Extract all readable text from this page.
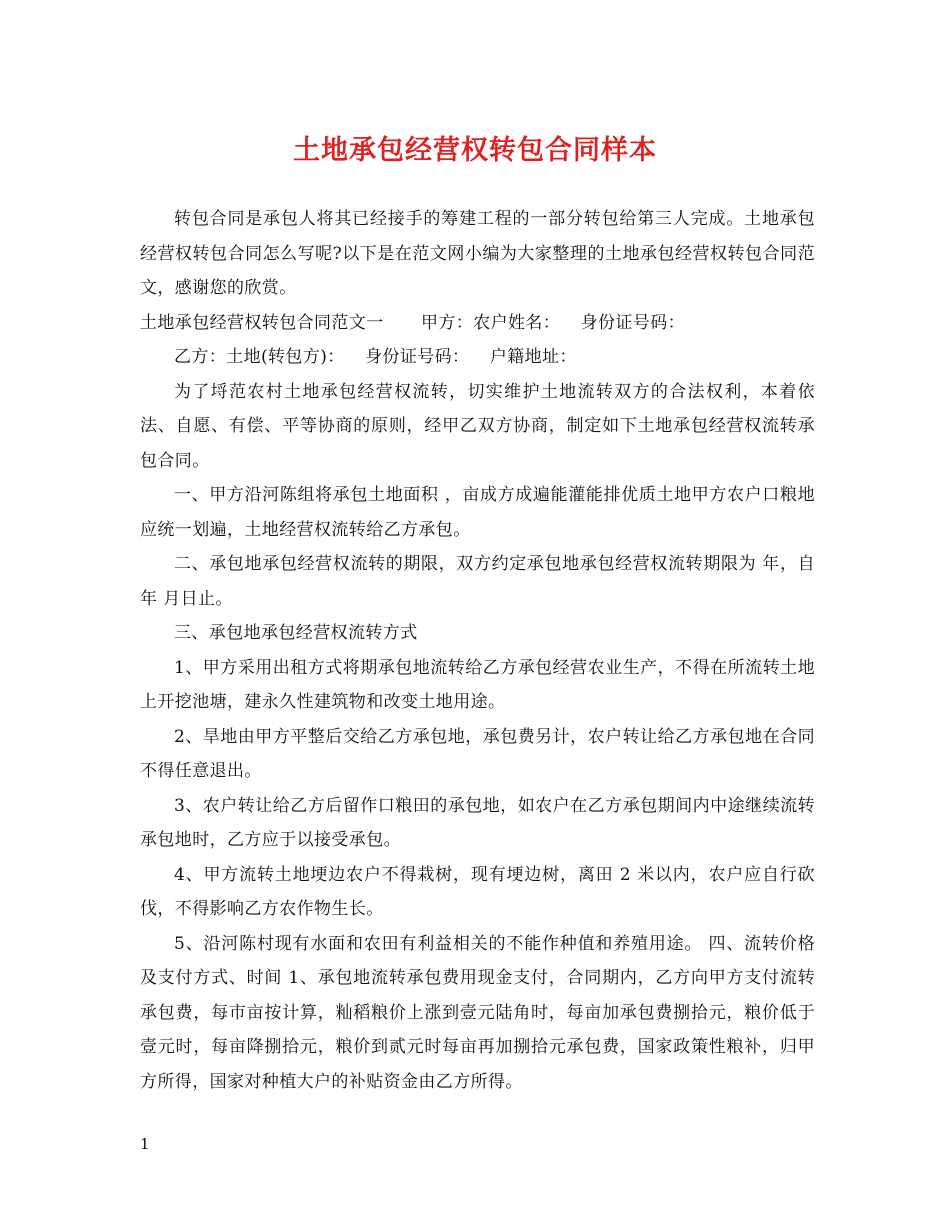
土地承包经营权转包合同样本

转包合同是承包人将其已经接手的筹建工程的一部分转包给第三人完成。土地承包经营权转包合同怎么写呢?以下是在范文网小编为大家整理的土地承包经营权转包合同范文，感谢您的欣赏。

土地承包经营权转包合同范文一 甲方：农户姓名： 身份证号码：

乙方：土地(转包方)： 身份证号码： 户籍地址：

为了埒范农村土地承包经营权流转，切实维护土地流转双方的合法权利，本着依法、自愿、有偿、平等协商的原则，经甲乙双方协商，制定如下土地承包经营权流转承包合同。

一、甲方沿河陈组将承包土地面积 ，亩成方成遍能灌能排优质土地甲方农户口粮地应统一划遍，土地经营权流转给乙方承包。

二、承包地承包经营权流转的期限，双方约定承包地承包经营权流转期限为 年，自 年 月日止。

三、承包地承包经营权流转方式

1、甲方采用出租方式将期承包地流转给乙方承包经营农业生产，不得在所流转土地上开挖池塘，建永久性建筑物和改变土地用途。

2、旱地由甲方平整后交给乙方承包地，承包费另计，农户转让给乙方承包地在合同不得任意退出。

3、农户转让给乙方后留作口粮田的承包地，如农户在乙方承包期间内中途继续流转承包地时，乙方应于以接受承包。

4、甲方流转土地埂边农户不得栽树，现有埂边树，离田 2 米以内，农户应自行砍伐，不得影响乙方农作物生长。

5、沿河陈村现有水面和农田有利益相关的不能作种值和养殖用途。 四、流转价格及支付方式、时间 1、承包地流转承包费用现金支付，合同期内，乙方向甲方支付流转承包费，每市亩按计算，籼稻粮价上涨到壹元陆角时，每亩加承包费捌拾元，粮价低于壹元时，每亩降捌拾元，粮价到贰元时每亩再加捌拾元承包费，国家政策性粮补，归甲方所得，国家对种植大户的补贴资金由乙方所得。

1
